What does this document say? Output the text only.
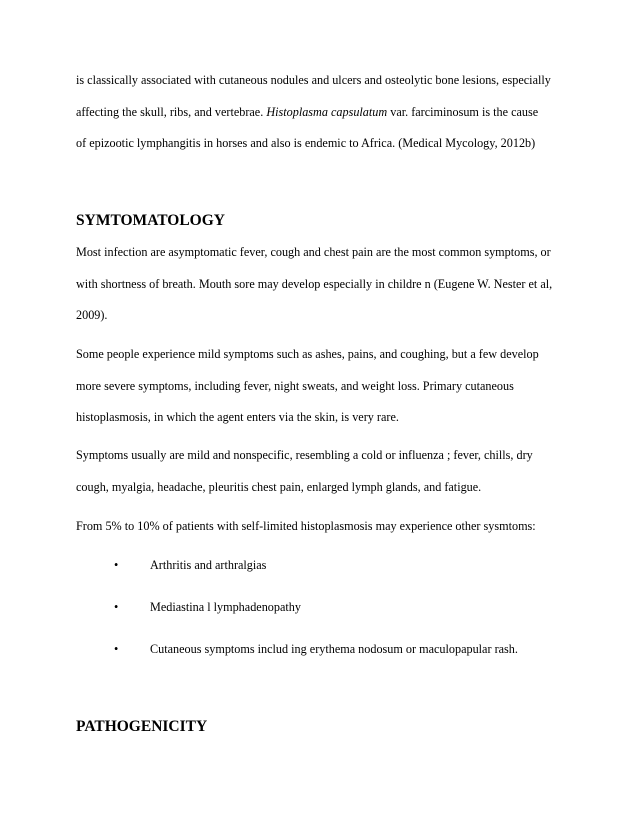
is classically associated with cutaneous nodules and ulcers and osteolytic bone lesions, especially
affecting the skull, ribs, and vertebrae. Histoplasma capsulatum var. farciminosum is the cause
of epizootic lymphangitis in horses and also is endemic to Africa. (Medical Mycology, 2012b)
SYMTOMATOLOGY
Most infection are asymptomatic fever, cough and chest pain are the most common symptoms, or
with shortness of breath. Mouth sore may develop especially in childre n (Eugene W. Nester et al,
2009).
Some people experience mild symptoms such as ashes, pains, and coughing, but a few develop
more severe symptoms, including fever, night sweats, and weight loss. Primary cutaneous
histoplasmosis, in which the agent enters via the skin, is very rare.
Symptoms usually are mild and nonspecific, resembling a cold or influenza ; fever, chills, dry
cough, myalgia, headache, pleuritis chest pain, enlarged lymph glands, and fatigue.
From 5% to 10% of patients with self-limited histoplasmosis may experience other sysmtoms:
•	Arthritis and arthralgias
•	Mediastina l lymphadenopathy
•	Cutaneous symptoms includ ing erythema nodosum or maculopapular rash.
PATHOGENICITY
